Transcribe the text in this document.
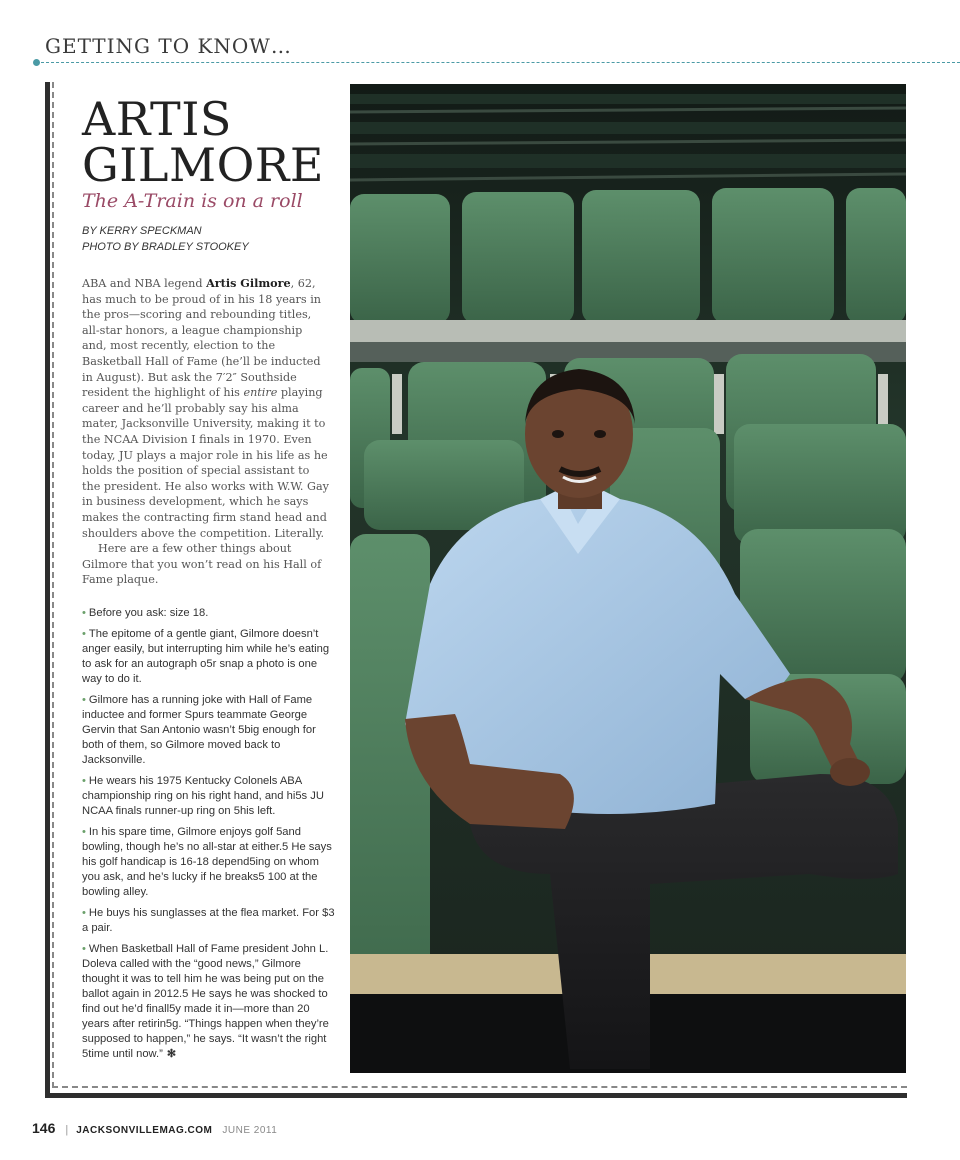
GETTING TO KNOW…
ARTIS
GILMORE
The A-Train is on a roll
BY KERRY SPECKMAN
PHOTO BY BRADLEY STOOKEY

ABA and NBA legend Artis Gilmore, 62, has much to be proud of in his 18 years in the pros—scoring and rebounding titles, all-star honors, a league championship and, most recently, election to the Basketball Hall of Fame (he’ll be inducted in August). But ask the 7′2″ Southside resident the highlight of his entire playing career and he’ll probably say his alma mater, Jacksonville University, making it to the NCAA Division I finals in 1970. Even today, JU plays a major role in his life as he holds the position of special assistant to the president. He also works with W.W. Gay in business development, which he says makes the contracting firm stand head and shoulders above the competition. Literally.

Here are a few other things about Gilmore that you won’t read on his Hall of Fame plaque.

• Before you ask: size 18.
• The epitome of a gentle giant, Gilmore doesn’t anger easily, but interrupting him while he’s eating to ask for an autograph o5r snap a photo is one way to do it.
• Gilmore has a running joke with Hall of Fame inductee and former Spurs teammate George Gervin that San Antonio wasn’t 5big enough for both of them, so Gilmore moved back to Jacksonville.
• He wears his 1975 Kentucky Colonels ABA championship ring on his right hand, and hi5s JU NCAA finals runner-up ring on 5his left.
• In his spare time, Gilmore enjoys golf 5and bowling, though he’s no all-star at either.5 He says his golf handicap is 16-18 depend5ing on whom you ask, and he’s lucky if he breaks5 100 at the bowling alley.
• He buys his sunglasses at the flea market. For $3 a pair.
• When Basketball Hall of Fame president John L. Doleva called with the “good news,” Gilmore thought it was to tell him he was being put on the ballot again in 2012.5 He says he was shocked to find out he’d finall5y made it in—more than 20 years after retirin5g. “Things happen when they’re supposed to happen,” he says. “It wasn’t the right 5time until now.” ✻
146 | JACKSONVILLEMAG.COM JUNE 2011
